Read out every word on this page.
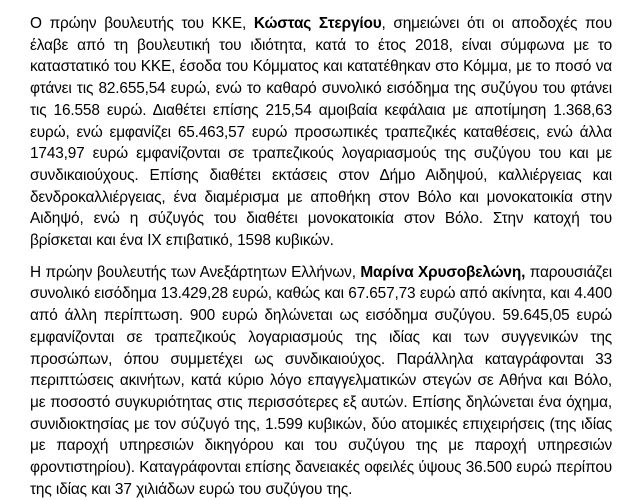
Ο πρώην βουλευτής του ΚΚΕ, Κώστας Στεργίου, σημειώνει ότι οι αποδοχές που έλαβε από τη βουλευτική του ιδιότητα, κατά το έτος 2018, είναι σύμφωνα με το καταστατικό του ΚΚΕ, έσοδα του Κόμματος και κατατέθηκαν στο Κόμμα, με το ποσό να φτάνει τις 82.655,54 ευρώ, ενώ το καθαρό συνολικό εισόδημα της συζύγου του φτάνει τις 16.558 ευρώ. Διαθέτει επίσης 215,54 αμοιβαία κεφάλαια με αποτίμηση 1.368,63 ευρώ, ενώ εμφανίζει 65.463,57 ευρώ προσωπικές τραπεζικές καταθέσεις, ενώ άλλα 1743,97 ευρώ εμφανίζονται σε τραπεζικούς λογαριασμούς της συζύγου του και με συνδικαιούχους. Επίσης διαθέτει εκτάσεις στον Δήμο Αιδηψού, καλλιέργειας και δενδροκαλλιέργειας, ένα διαμέρισμα με αποθήκη στον Βόλο και μονοκατοικία στην Αιδηψό, ενώ η σύζυγός του διαθέτει μονοκατοικία στον Βόλο. Στην κατοχή του βρίσκεται και ένα ΙΧ επιβατικό, 1598 κυβικών.

Η πρώην βουλευτής των Ανεξάρτητων Ελλήνων, Μαρίνα Χρυσοβελώνη, παρουσιάζει συνολικό εισόδημα 13.429,28 ευρώ, καθώς και 67.657,73 ευρώ από ακίνητα, και 4.400 από άλλη περίπτωση. 900 ευρώ δηλώνεται ως εισόδημα συζύγου. 59.645,05 ευρώ εμφανίζονται σε τραπεζικούς λογαριασμούς της ιδίας και των συγγενικών της προσώπων, όπου συμμετέχει ως συνδικαιούχος. Παράλληλα καταγράφονται 33 περιπτώσεις ακινήτων, κατά κύριο λόγο επαγγελματικών στεγών σε Αθήνα και Βόλο, με ποσοστό συγκυριότητας στις περισσότερες εξ αυτών. Επίσης δηλώνεται ένα όχημα, συνιδιοκτησίας με τον σύζυγό της, 1.599 κυβικών, δύο ατομικές επιχειρήσεις (της ιδίας με παροχή υπηρεσιών δικηγόρου και του συζύγου της με παροχή υπηρεσιών φροντιστηρίου). Καταγράφονται επίσης δανειακές οφειλές ύψους 36.500 ευρώ περίπου της ιδίας και 37 χιλιάδων ευρώ του συζύγου της.
